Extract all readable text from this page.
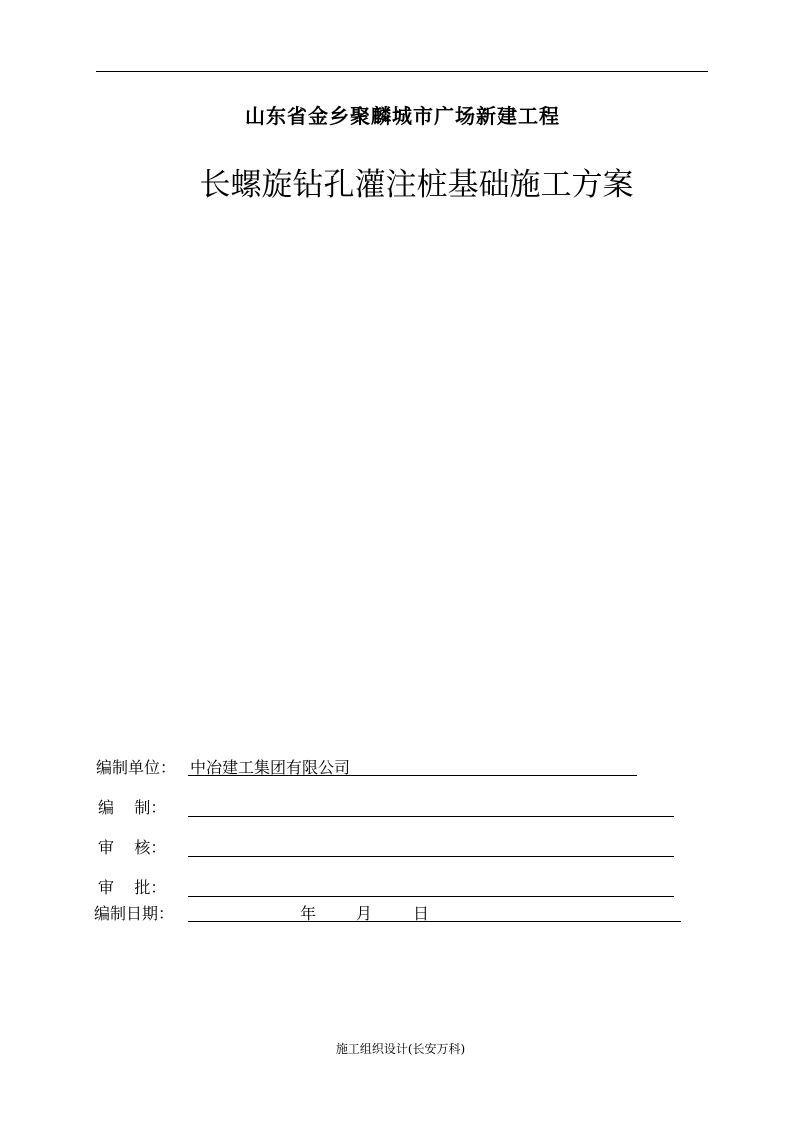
山东省金乡聚麟城市广场新建工程
长螺旋钻孔灌注桩基础施工方案
编制单位： 中冶建工集团有限公司
编    制：
审    核：
审    批：
编制日期：	年 月	日
施工组织设计(长安万科)
